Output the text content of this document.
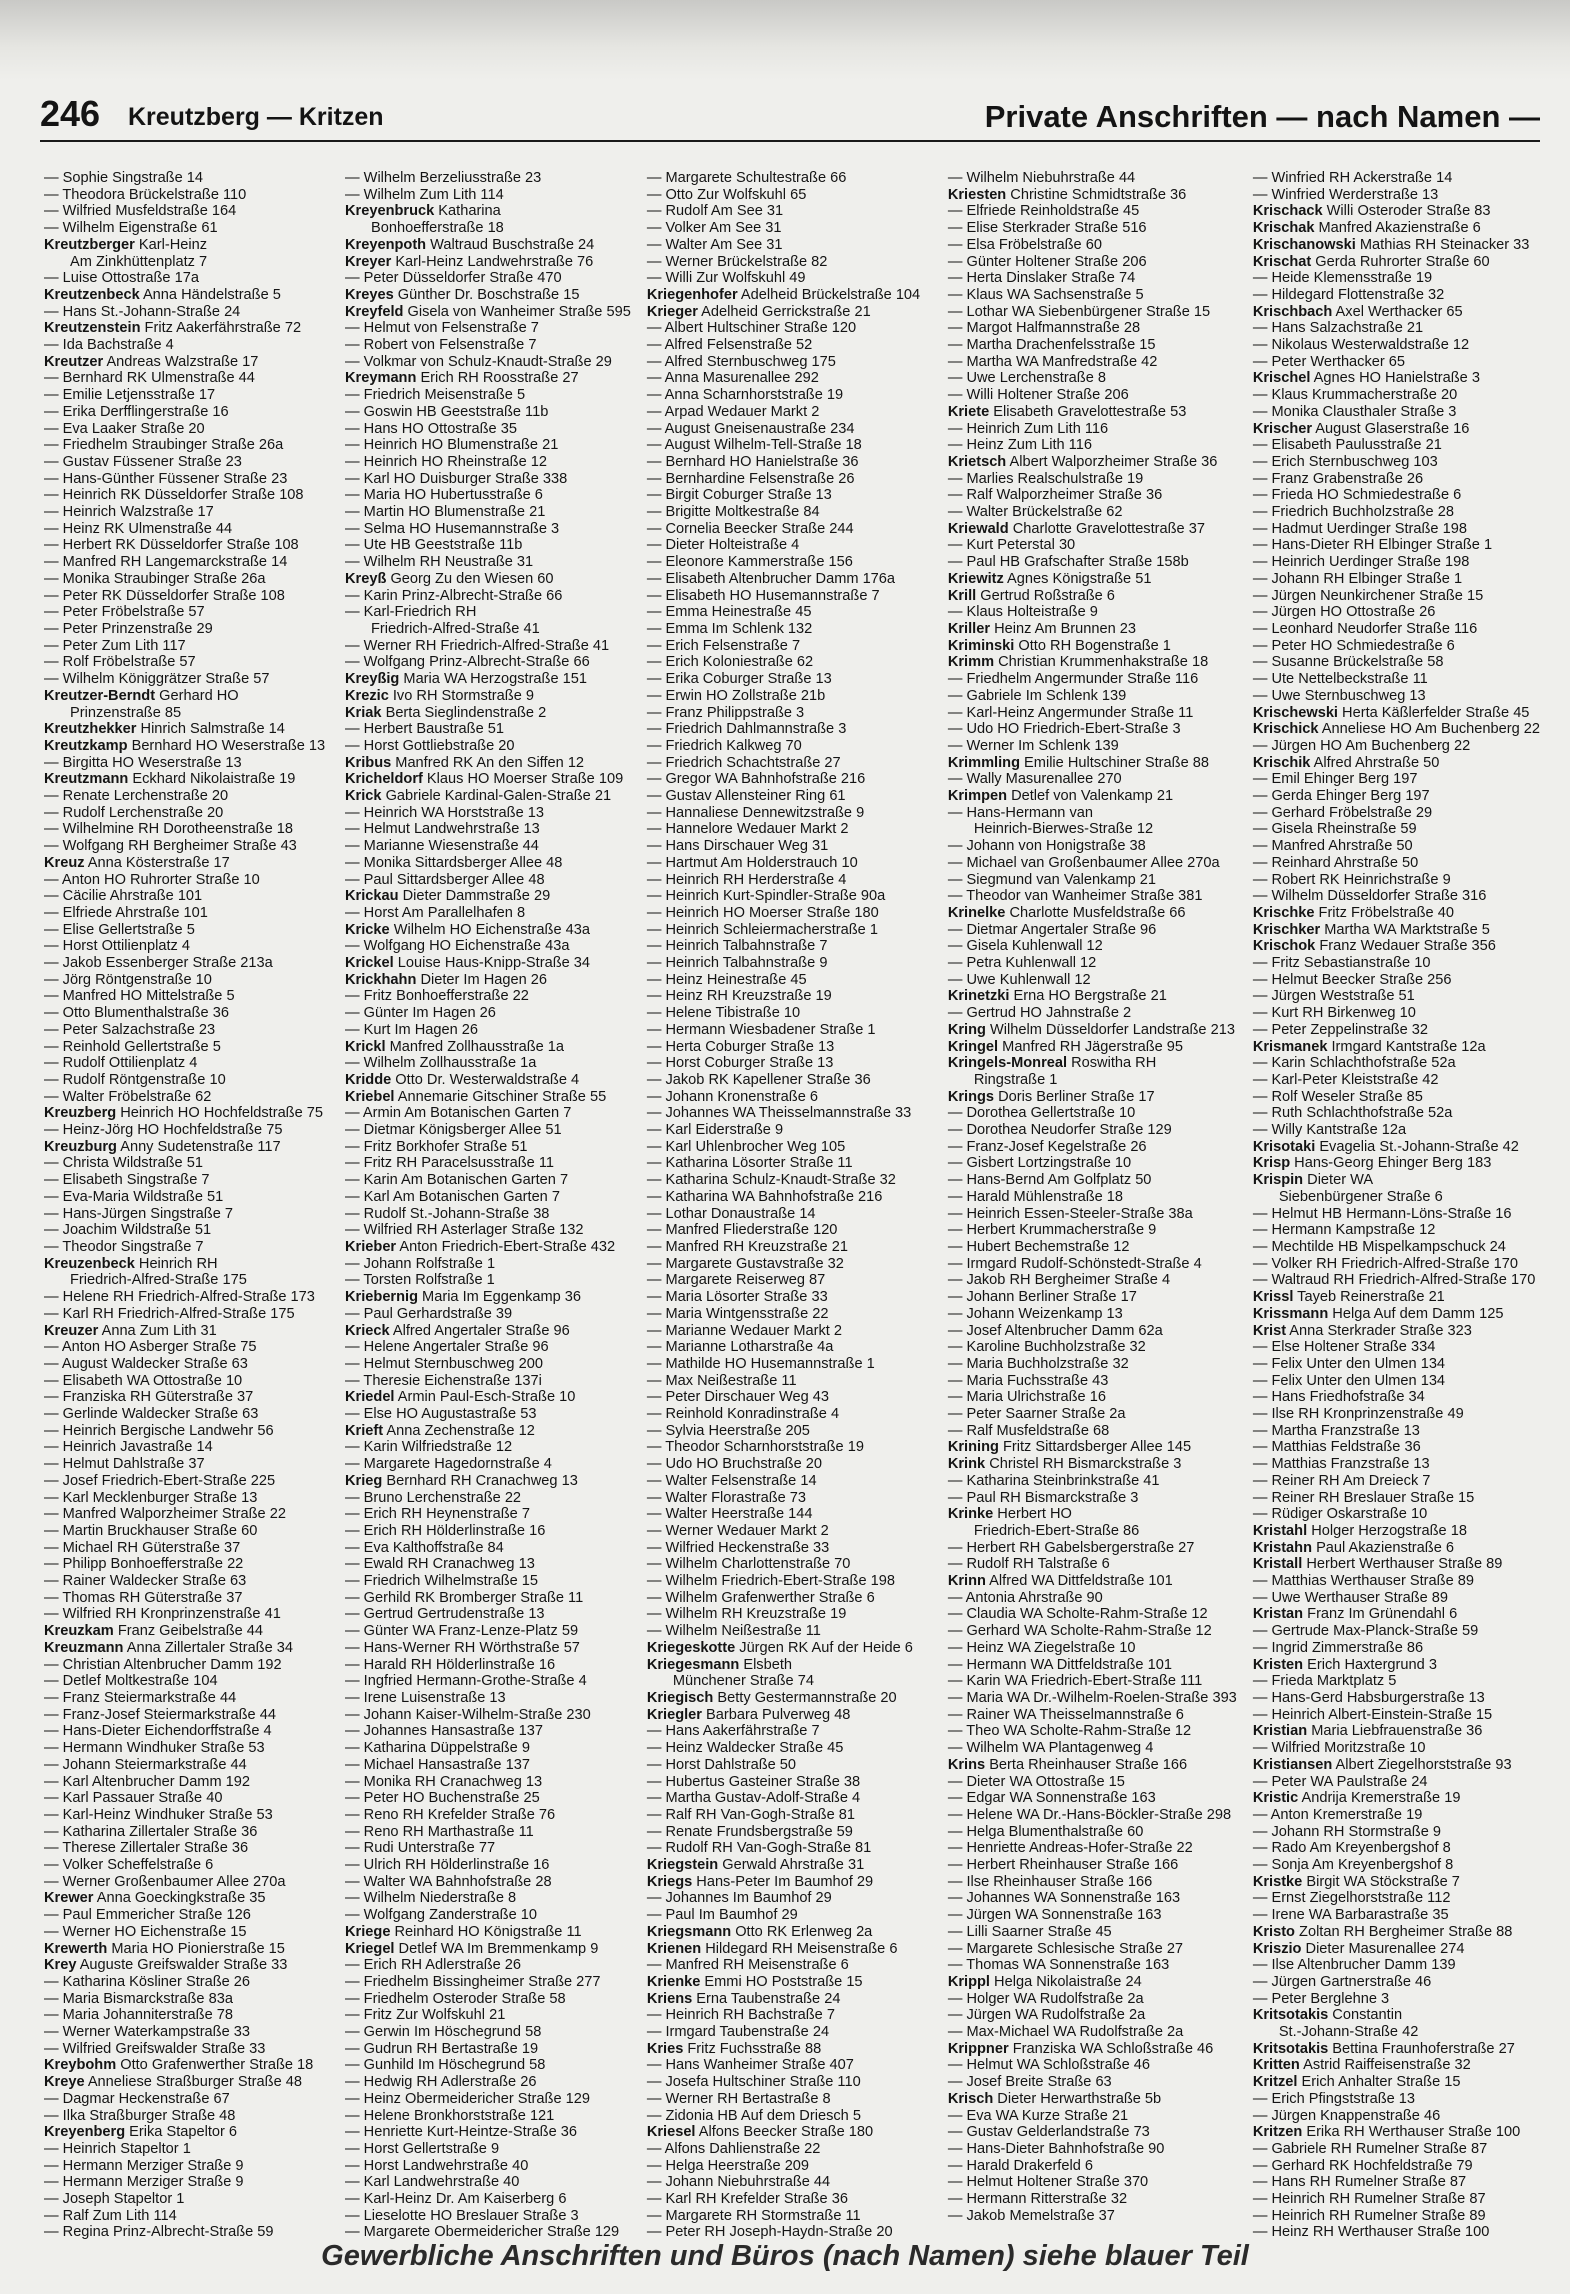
246 Kreutzberg — Kritzen	Private Anschriften — nach Namen —
— Sophie Singstraße 14
— Theodora Brückelstraße 110
— Wilfried Musfeldstraße 164
— Wilhelm Eigenstraße 61
Kreutzberger Karl-Heinz
Am Zinkhüttenplatz 7
— Luise Ottostraße 17a
Kreutzenbeck Anna Händelstraße 5
— Hans St.-Johann-Straße 24
Kreutzenstein Fritz Aakerfährstraße 72
— Ida Bachstraße 4
Kreutzer Andreas Walzstraße 17
— Bernhard RK Ulmenstraße 44
— Emilie Letjensstraße 17
— Erika Derfflingerstraße 16
— Eva Laaker Straße 20
— Friedhelm Straubinger Straße 26a
— Gustav Füssener Straße 23
— Hans-Günther Füssener Straße 23
— Heinrich RK Düsseldorfer Straße 108
— Heinrich Walzstraße 17
— Heinz RK Ulmenstraße 44
— Herbert RK Düsseldorfer Straße 108
— Manfred RH Langemarckstraße 14
— Monika Straubinger Straße 26a
— Peter RK Düsseldorfer Straße 108
— Peter Fröbelstraße 57
— Peter Prinzenstraße 29
— Peter Zum Lith 117
— Rolf Fröbelstraße 57
— Wilhelm Königgrätzer Straße 57
Kreutzer-Berndt Gerhard HO
Prinzenstraße 85
Kreutzhekker Hinrich Salmstraße 14
Kreutzkamp Bernhard HO Weserstraße 13
— Birgitta HO Weserstraße 13
Kreutzmann Eckhard Nikolaistraße 19
— Renate Lerchenstraße 20
— Rudolf Lerchenstraße 20
— Wilhelmine RH Dorotheenstraße 18
— Wolfgang RH Bergheimer Straße 43
Kreuz Anna Kösterstraße 17
— Anton HO Ruhrorter Straße 10
— Cäcilie Ahrstraße 101
— Elfriede Ahrstraße 101
— Elise Gellertstraße 5
— Horst Ottilienplatz 4
— Jakob Essenberger Straße 213a
— Jörg Röntgenstraße 10
— Manfred HO Mittelstraße 5
— Otto Blumenthalstraße 36
— Peter Salzachstraße 23
— Reinhold Gellertstraße 5
— Rudolf Ottilienplatz 4
— Rudolf Röntgenstraße 10
— Walter Fröbelstraße 62
Kreuzberg Heinrich HO Hochfeldstraße 75
— Heinz-Jörg HO Hochfeldstraße 75
Kreuzburg Anny Sudetenstraße 117
— Christa Wildstraße 51
— Elisabeth Singstraße 7
— Eva-Maria Wildstraße 51
— Hans-Jürgen Singstraße 7
— Joachim Wildstraße 51
— Theodor Singstraße 7
Kreuzenbeck Heinrich RH
Friedrich-Alfred-Straße 175
— Helene RH Friedrich-Alfred-Straße 173
— Karl RH Friedrich-Alfred-Straße 175
Kreuzer Anna Zum Lith 31
— Anton HO Asberger Straße 75
— August Waldecker Straße 63
— Elisabeth WA Ottostraße 10
— Franziska RH Güterstraße 37
— Gerlinde Waldecker Straße 63
— Heinrich Bergische Landwehr 56
— Heinrich Javastraße 14
— Helmut Dahlstraße 37
— Josef Friedrich-Ebert-Straße 225
— Karl Mecklenburger Straße 13
— Manfred Walporzheimer Straße 22
— Martin Bruckhauser Straße 60
— Michael RH Güterstraße 37
— Philipp Bonhoefferstraße 22
— Rainer Waldecker Straße 63
— Thomas RH Güterstraße 37
— Wilfried RH Kronprinzenstraße 41
Kreuzkam Franz Geibelstraße 44
Kreuzmann Anna Zillertaler Straße 34
— Christian Altenbrucher Damm 192
— Detlef Moltkestraße 104
— Franz Steiermarkstraße 44
— Franz-Josef Steiermarkstraße 44
— Hans-Dieter Eichendorffstraße 4
— Hermann Windhuker Straße 53
— Johann Steiermarkstraße 44
— Karl Altenbrucher Damm 192
— Karl Passauer Straße 40
— Karl-Heinz Windhuker Straße 53
— Katharina Zillertaler Straße 36
— Therese Zillertaler Straße 36
— Volker Scheffelstraße 6
— Werner Großenbaumer Allee 270a
Krewer Anna Goeckingkstraße 35
— Paul Emmericher Straße 126
— Werner HO Eichenstraße 15
Krewerth Maria HO Pionierstraße 15
Krey Auguste Greifswalder Straße 33
— Katharina Kösliner Straße 26
— Maria Bismarckstraße 83a
— Maria Johanniterstraße 78
— Werner Waterkampstraße 33
— Wilfried Greifswalder Straße 33
Kreybohm Otto Grafenwerther Straße 18
Kreye Anneliese Straßburger Straße 48
— Dagmar Heckenstraße 67
— Ilka Straßburger Straße 48
Kreyenberg Erika Stapeltor 6
— Heinrich Stapeltor 1
— Hermann Merziger Straße 9
— Hermann Merziger Straße 9
— Joseph Stapeltor 1
— Ralf Zum Lith 114
— Regina Prinz-Albrecht-Straße 59
— Wilhelm Berzeliusstraße 23
— Wilhelm Zum Lith 114
Kreyenbruck Katharina
Bonhoefferstraße 18
Kreyenpoth Waltraud Buschstraße 24
Kreyer Karl-Heinz Landwehrstraße 76
— Peter Düsseldorfer Straße 470
Kreyes Günther Dr. Boschstraße 15
Kreyfeld Gisela von Wanheimer Straße 595
— Helmut von Felsenstraße 7
— Robert von Felsenstraße 7
— Volkmar von Schulz-Knaudt-Straße 29
Kreymann Erich RH Roosstraße 27
— Friedrich Meisenstraße 5
— Goswin HB Geeststraße 11b
— Hans HO Ottostraße 35
— Heinrich HO Blumenstraße 21
— Heinrich HO Rheinstraße 12
— Karl HO Duisburger Straße 338
— Maria HO Hubertusstraße 6
— Martin HO Blumenstraße 21
— Selma HO Husemannstraße 3
— Ute HB Geeststraße 11b
— Wilhelm RH Neustraße 31
Kreyß Georg Zu den Wiesen 60
— Karin Prinz-Albrecht-Straße 66
— Karl-Friedrich RH
Friedrich-Alfred-Straße 41
— Werner RH Friedrich-Alfred-Straße 41
— Wolfgang Prinz-Albrecht-Straße 66
Kreyßig Maria WA Herzogstraße 151
Krezic Ivo RH Stormstraße 9
Kriak Berta Sieglindenstraße 2
— Herbert Baustraße 51
— Horst Gottliebstraße 20
Kribus Manfred RK An den Siffen 12
Kricheldorf Klaus HO Moerser Straße 109
Krick Gabriele Kardinal-Galen-Straße 21
— Heinrich WA Horststraße 13
— Helmut Landwehrstraße 13
— Marianne Wiesenstraße 44
— Monika Sittardsberger Allee 48
— Paul Sittardsberger Allee 48
Krickau Dieter Dammstraße 29
— Horst Am Parallelhafen 8
Kricke Wilhelm HO Eichenstraße 43a
— Wolfgang HO Eichenstraße 43a
Krickel Louise Haus-Knipp-Straße 34
Krickhahn Dieter Im Hagen 26
— Fritz Bonhoefferstraße 22
— Günter Im Hagen 26
— Kurt Im Hagen 26
Krickl Manfred Zollhausstraße 1a
— Wilhelm Zollhausstraße 1a
Kridde Otto Dr. Westerwaldstraße 4
Kriebel Annemarie Gitschiner Straße 55
— Armin Am Botanischen Garten 7
— Dietmar Königsberger Allee 51
— Fritz Borkhofer Straße 51
— Fritz RH Paracelsusstraße 11
— Karin Am Botanischen Garten 7
— Karl Am Botanischen Garten 7
— Rudolf St.-Johann-Straße 38
— Wilfried RH Asterlager Straße 132
Krieber Anton Friedrich-Ebert-Straße 432
— Johann Rolfstraße 1
— Torsten Rolfstraße 1
Kriebernig Maria Im Eggenkamp 36
— Paul Gerhardstraße 39
Krieck Alfred Angertaler Straße 96
— Helene Angertaler Straße 96
— Helmut Sternbuschweg 200
— Theresie Eichenstraße 137i
Kriedel Armin Paul-Esch-Straße 10
— Else HO Augustastraße 53
Krieft Anna Zechenstraße 12
— Karin Wilfriedstraße 12
— Margarete Hagedornstraße 4
Krieg Bernhard RH Cranachweg 13
— Bruno Lerchenstraße 22
— Erich RH Heynenstraße 7
— Erich RH Hölderlinstraße 16
— Eva Kalthoffstraße 84
— Ewald RH Cranachweg 13
— Friedrich Wilhelmstraße 15
— Gerhild RK Bromberger Straße 11
— Gertrud Gertrudenstraße 13
— Günter WA Franz-Lenze-Platz 59
— Hans-Werner RH Wörthstraße 57
— Harald RH Hölderlinstraße 16
— Ingfried Hermann-Grothe-Straße 4
— Irene Luisenstraße 13
— Johann Kaiser-Wilhelm-Straße 230
— Johannes Hansastraße 137
— Katharina Düppelstraße 9
— Michael Hansastraße 137
— Monika RH Cranachweg 13
— Peter HO Buchenstraße 25
— Reno RH Krefelder Straße 76
— Reno RH Marthastraße 11
— Rudi Unterstraße 77
— Ulrich RH Hölderlinstraße 16
— Walter WA Bahnhofstraße 28
— Wilhelm Niederstraße 8
— Wolfgang Zanderstraße 10
Kriege Reinhard HO Königstraße 11
Kriegel Detlef WA Im Bremmenkamp 9
— Erich RH Adlerstraße 26
— Friedhelm Bissingheimer Straße 277
— Friedhelm Osteroder Straße 58
— Fritz Zur Wolfskuhl 21
— Gerwin Im Höschegrund 58
— Gudrun RH Bertastraße 19
— Gunhild Im Höschegrund 58
— Hedwig RH Adlerstraße 26
— Heinz Obermeidericher Straße 129
— Helene Bronkhorststraße 121
— Henriette Kurt-Heintze-Straße 36
— Horst Gellertstraße 9
— Horst Landwehrstraße 40
— Karl Landwehrstraße 40
— Karl-Heinz Dr. Am Kaiserberg 6
— Lieselotte HO Breslauer Straße 3
— Margarete Obermeidericher Straße 129
— Margarete Schultestraße 66
— Otto Zur Wolfskuhl 65
— Rudolf Am See 31
— Volker Am See 31
— Walter Am See 31
— Werner Brückelstraße 82
— Willi Zur Wolfskuhl 49
Kriegenhofer Adelheid Brückelstraße 104
Krieger Adelheid Gerrickstraße 21
— Albert Hultschiner Straße 120
— Alfred Felsenstraße 52
— Alfred Sternbuschweg 175
— Anna Masurenallee 292
— Anna Scharnhorststraße 19
— Arpad Wedauer Markt 2
— August Gneisenaustraße 234
— August Wilhelm-Tell-Straße 18
— Bernhard HO Hanielstraße 36
— Bernhardine Felsenstraße 26
— Birgit Coburger Straße 13
— Brigitte Moltkestraße 84
— Cornelia Beecker Straße 244
— Dieter Holteistraße 4
— Eleonore Kammerstraße 156
— Elisabeth Altenbrucher Damm 176a
— Elisabeth HO Husemannstraße 7
— Emma Heinestraße 45
— Emma Im Schlenk 132
— Erich Felsenstraße 7
— Erich Koloniestraße 62
— Erika Coburger Straße 13
— Erwin HO Zollstraße 21b
— Franz Philippstraße 3
— Friedrich Dahlmannstraße 3
— Friedrich Kalkweg 70
— Friedrich Schachtstraße 27
— Gregor WA Bahnhofstraße 216
— Gustav Allensteiner Ring 61
— Hannaliese Dennewitzstraße 9
— Hannelore Wedauer Markt 2
— Hans Dirschauer Weg 31
— Hartmut Am Holderstrauch 10
— Heinrich RH Herderstraße 4
— Heinrich Kurt-Spindler-Straße 90a
— Heinrich HO Moerser Straße 180
— Heinrich Schleiermacherstraße 1
— Heinrich Talbahnstraße 7
— Heinrich Talbahnstraße 9
— Heinz Heinestraße 45
— Heinz RH Kreuzstraße 19
— Helene Tibistraße 10
— Hermann Wiesbadener Straße 1
— Herta Coburger Straße 13
— Horst Coburger Straße 13
— Jakob RK Kapellener Straße 36
— Johann Kronenstraße 6
— Johannes WA Theisselmannstraße 33
— Karl Eiderstraße 9
— Karl Uhlenbrocher Weg 105
— Katharina Lösorter Straße 11
— Katharina Schulz-Knaudt-Straße 32
— Katharina WA Bahnhofstraße 216
— Lothar Donaustraße 14
— Manfred Fliederstraße 120
— Manfred RH Kreuzstraße 21
— Margarete Gustavstraße 32
— Margarete Reiserweg 87
— Maria Lösorter Straße 33
— Maria Wintgensstraße 22
— Marianne Wedauer Markt 2
— Marianne Lotharstraße 4a
— Mathilde HO Husemannstraße 1
— Max Neißestraße 11
— Peter Dirschauer Weg 43
— Reinhold Konradinstraße 4
— Sylvia Heerstraße 205
— Theodor Scharnhorststraße 19
— Udo HO Bruchstraße 20
— Walter Felsenstraße 14
— Walter Florastraße 73
— Walter Heerstraße 144
— Werner Wedauer Markt 2
— Wilfried Heckenstraße 33
— Wilhelm Charlottenstraße 70
— Wilhelm Friedrich-Ebert-Straße 198
— Wilhelm Grafenwerther Straße 6
— Wilhelm RH Kreuzstraße 19
— Wilhelm Neißestraße 11
Kriegeskotte Jürgen RK Auf der Heide 6
Kriegesmann Elsbeth
Münchener Straße 74
Kriegisch Betty Gestermannstraße 20
Kriegler Barbara Pulverweg 48
— Hans Aakerfährstraße 7
— Heinz Waldecker Straße 45
— Horst Dahlstraße 50
— Hubertus Gasteiner Straße 38
— Martha Gustav-Adolf-Straße 4
— Ralf RH Van-Gogh-Straße 81
— Renate Frundsbergstraße 59
— Rudolf RH Van-Gogh-Straße 81
Kriegstein Gerwald Ahrstraße 31
Kriegs Hans-Peter Im Baumhof 29
— Johannes Im Baumhof 29
— Paul Im Baumhof 29
Kriegsmann Otto RK Erlenweg 2a
Krienen Hildegard RH Meisenstraße 6
— Manfred RH Meisenstraße 6
Krienke Emmi HO Poststraße 15
Kriens Erna Taubenstraße 24
— Heinrich RH Bachstraße 7
— Irmgard Taubenstraße 24
Kries Fritz Fuchsstraße 88
— Hans Wanheimer Straße 407
— Josefa Hultschiner Straße 110
— Werner RH Bertastraße 8
— Zidonia HB Auf dem Driesch 5
Kriesel Alfons Beecker Straße 180
— Alfons Dahlienstraße 22
— Helga Heerstraße 209
— Johann Niebuhrstraße 44
— Karl RH Krefelder Straße 36
— Margarete RH Stormstraße 11
— Peter RH Joseph-Haydn-Straße 20
— Wilhelm Niebuhrstraße 44
Kriesten Christine Schmidtstraße 36
— Elfriede Reinholdstraße 45
— Elise Sterkrader Straße 516
— Elsa Fröbelstraße 60
— Günter Holtener Straße 206
— Herta Dinslaker Straße 74
— Klaus WA Sachsenstraße 5
— Lothar WA Siebenbürgener Straße 15
— Margot Halfmannstraße 28
— Martha Drachenfelsstraße 15
— Martha WA Manfredstraße 42
— Uwe Lerchenstraße 8
— Willi Holtener Straße 206
Kriete Elisabeth Gravelottestraße 53
— Heinrich Zum Lith 116
— Heinz Zum Lith 116
Krietsch Albert Walporzheimer Straße 36
— Marlies Realschulstraße 19
— Ralf Walporzheimer Straße 36
— Walter Brückelstraße 62
Kriewald Charlotte Gravelottestraße 37
— Kurt Peterstal 30
— Paul HB Grafschafter Straße 158b
Kriewitz Agnes Königstraße 51
Krill Gertrud Roßstraße 6
— Klaus Holteistraße 9
Kriller Heinz Am Brunnen 23
Kriminski Otto RH Bogenstraße 1
Krimm Christian Krummenhakstraße 18
— Friedhelm Angermunder Straße 116
— Gabriele Im Schlenk 139
— Karl-Heinz Angermunder Straße 11
— Udo HO Friedrich-Ebert-Straße 3
— Werner Im Schlenk 139
Krimmling Emilie Hultschiner Straße 88
— Wally Masurenallee 270
Krimpen Detlef von Valenkamp 21
— Hans-Hermann van
Heinrich-Bierwes-Straße 12
— Johann von Honigstraße 38
— Michael van Großenbaumer Allee 270a
— Siegmund van Valenkamp 21
— Theodor van Wanheimer Straße 381
Krinelke Charlotte Musfeldstraße 66
— Dietmar Angertaler Straße 96
— Gisela Kuhlenwall 12
— Petra Kuhlenwall 12
— Uwe Kuhlenwall 12
Krinetzki Erna HO Bergstraße 21
— Gertrud HO Jahnstraße 2
Kring Wilhelm Düsseldorfer Landstraße 213
Kringel Manfred RH Jägerstraße 95
Kringels-Monreal Roswitha RH
Ringstraße 1
Krings Doris Berliner Straße 17
— Dorothea Gellertstraße 10
— Dorothea Neudorfer Straße 129
— Franz-Josef Kegelstraße 26
— Gisbert Lortzingstraße 10
— Hans-Bernd Am Golfplatz 50
— Harald Mühlenstraße 18
— Heinrich Essen-Steeler-Straße 38a
— Herbert Krummacherstraße 9
— Hubert Bechemstraße 12
— Irmgard Rudolf-Schönstedt-Straße 4
— Jakob RH Bergheimer Straße 4
— Johann Berliner Straße 17
— Johann Weizenkamp 13
— Josef Altenbrucher Damm 62a
— Karoline Buchholzstraße 32
— Maria Buchholzstraße 32
— Maria Fuchsstraße 43
— Maria Ulrichstraße 16
— Peter Saarner Straße 2a
— Ralf Musfeldstraße 68
Krining Fritz Sittardsberger Allee 145
Krink Christel RH Bismarckstraße 3
— Katharina Steinbrinkstraße 41
— Paul RH Bismarckstraße 3
Krinke Herbert HO
Friedrich-Ebert-Straße 86
— Herbert RH Gabelsbergerstraße 27
— Rudolf RH Talstraße 6
Krinn Alfred WA Dittfeldstraße 101
— Antonia Ahrstraße 90
— Claudia WA Scholte-Rahm-Straße 12
— Gerhard WA Scholte-Rahm-Straße 12
— Heinz WA Ziegelstraße 10
— Hermann WA Dittfeldstraße 101
— Karin WA Friedrich-Ebert-Straße 111
— Maria WA Dr.-Wilhelm-Roelen-Straße 393
— Rainer WA Theisselmannstraße 6
— Theo WA Scholte-Rahm-Straße 12
— Wilhelm WA Plantagenweg 4
Krins Berta Rheinhauser Straße 166
— Dieter WA Ottostraße 15
— Edgar WA Sonnenstraße 163
— Helene WA Dr.-Hans-Böckler-Straße 298
— Helga Blumenthalstraße 60
— Henriette Andreas-Hofer-Straße 22
— Herbert Rheinhauser Straße 166
— Ilse Rheinhauser Straße 166
— Johannes WA Sonnenstraße 163
— Jürgen WA Sonnenstraße 163
— Lilli Saarner Straße 45
— Margarete Schlesische Straße 27
— Thomas WA Sonnenstraße 163
Krippl Helga Nikolaistraße 24
— Holger WA Rudolfstraße 2a
— Jürgen WA Rudolfstraße 2a
— Max-Michael WA Rudolfstraße 2a
Krippner Franziska WA Schloßstraße 46
— Helmut WA Schloßstraße 46
— Josef Breite Straße 63
Krisch Dieter Herwarthstraße 5b
— Eva WA Kurze Straße 21
— Gustav Gelderlandstraße 73
— Hans-Dieter Bahnhofstraße 90
— Harald Drakerfeld 6
— Helmut Holtener Straße 370
— Hermann Ritterstraße 32
— Jakob Memelstraße 37
— Winfried RH Ackerstraße 14
— Winfried Werderstraße 13
Krischack Willi Osteroder Straße 83
Krischak Manfred Akazienstraße 6
Krischanowski Mathias RH Steinacker 33
Krischat Gerda Ruhrorter Straße 60
— Heide Klemensstraße 19
— Hildegard Flottenstraße 32
Krischbach Axel Werthacker 65
— Hans Salzachstraße 21
— Nikolaus Westerwaldstraße 12
— Peter Werthacker 65
Krischel Agnes HO Hanielstraße 3
— Klaus Krummacherstraße 20
— Monika Clausthaler Straße 3
Krischer August Glaserstraße 16
— Elisabeth Paulusstraße 21
— Erich Sternbuschweg 103
— Franz Grabenstraße 26
— Frieda HO Schmiedestraße 6
— Friedrich Buchholzstraße 28
— Hadmut Uerdinger Straße 198
— Hans-Dieter RH Elbinger Straße 1
— Heinrich Uerdinger Straße 198
— Johann RH Elbinger Straße 1
— Jürgen Neunkirchener Straße 15
— Jürgen HO Ottostraße 26
— Leonhard Neudorfer Straße 116
— Peter HO Schmiedestraße 6
— Susanne Brückelstraße 58
— Ute Nettelbeckstraße 11
— Uwe Sternbuschweg 13
Krischewski Herta Käßlerfelder Straße 45
Krischick Anneliese HO Am Buchenberg 22
— Jürgen HO Am Buchenberg 22
Krischik Alfred Ahrstraße 50
— Emil Ehinger Berg 197
— Gerda Ehinger Berg 197
— Gerhard Fröbelstraße 29
— Gisela Rheinstraße 59
— Manfred Ahrstraße 50
— Reinhard Ahrstraße 50
— Robert RK Heinrichstraße 9
— Wilhelm Düsseldorfer Straße 316
Krischke Fritz Fröbelstraße 40
Krischker Martha WA Marktstraße 5
Krischok Franz Wedauer Straße 356
— Fritz Sebastianstraße 10
— Helmut Beecker Straße 256
— Jürgen Weststraße 51
— Kurt RH Birkenweg 10
— Peter Zeppelinstraße 32
Krismanek Irmgard Kantstraße 12a
— Karin Schlachthofstraße 52a
— Karl-Peter Kleiststraße 42
— Rolf Weseler Straße 85
— Ruth Schlachthofstraße 52a
— Willy Kantstraße 12a
Krisotaki Evagelia St.-Johann-Straße 42
Krisp Hans-Georg Ehinger Berg 183
Krispin Dieter WA
Siebenbürgener Straße 6
— Helmut HB Hermann-Löns-Straße 16
— Hermann Kampstraße 12
— Mechtilde HB Mispelkampschuck 24
— Volker RH Friedrich-Alfred-Straße 170
— Waltraud RH Friedrich-Alfred-Straße 170
Krissl Tayeb Reinerstraße 21
Krissmann Helga Auf dem Damm 125
Krist Anna Sterkrader Straße 323
— Else Holtener Straße 334
— Felix Unter den Ulmen 134
— Felix Unter den Ulmen 134
— Hans Friedhofstraße 34
— Ilse RH Kronprinzenstraße 49
— Martha Franzstraße 13
— Matthias Feldstraße 36
— Matthias Franzstraße 13
— Reiner RH Am Dreieck 7
— Reiner RH Breslauer Straße 15
— Rüdiger Oskarstraße 10
Kristahl Holger Herzogstraße 18
Kristahn Paul Akazienstraße 6
Kristall Herbert Werthauser Straße 89
— Matthias Werthauser Straße 89
— Uwe Werthauser Straße 89
Kristan Franz Im Grünendahl 6
— Gertrude Max-Planck-Straße 59
— Ingrid Zimmerstraße 86
Kristen Erich Haxtergrund 3
— Frieda Marktplatz 5
— Hans-Gerd Habsburgerstraße 13
— Heinrich Albert-Einstein-Straße 15
Kristian Maria Liebfrauenstraße 36
— Wilfried Moritzstraße 10
Kristiansen Albert Ziegelhorststraße 93
— Peter WA Paulstraße 24
Kristic Andrija Kremerstraße 19
— Anton Kremerstraße 19
— Johann RH Stormstraße 9
— Rado Am Kreyenbergshof 8
— Sonja Am Kreyenbergshof 8
Kristke Birgit WA Stöckstraße 7
— Ernst Ziegelhorststraße 112
— Irene WA Barbarastraße 35
Kristo Zoltan RH Bergheimer Straße 88
Kriszio Dieter Masurenallee 274
— Ilse Altenbrucher Damm 139
— Jürgen Gartnerstraße 46
— Peter Berglehne 3
Kritsotakis Constantin
St.-Johann-Straße 42
Kritsotakis Bettina Fraunhoferstraße 27
Kritten Astrid Raiffeisenstraße 32
Kritzel Erich Anhalter Straße 15
— Erich Pfingststraße 13
— Jürgen Knappenstraße 46
Kritzen Erika RH Werthauser Straße 100
— Gabriele RH Rumelner Straße 87
— Gerhard RK Hochfeldstraße 79
— Hans RH Rumelner Straße 87
— Heinrich RH Rumelner Straße 87
— Heinrich RH Rumelner Straße 89
— Heinz RH Werthauser Straße 100
Gewerbliche Anschriften und Büros (nach Namen) siehe blauer Teil
